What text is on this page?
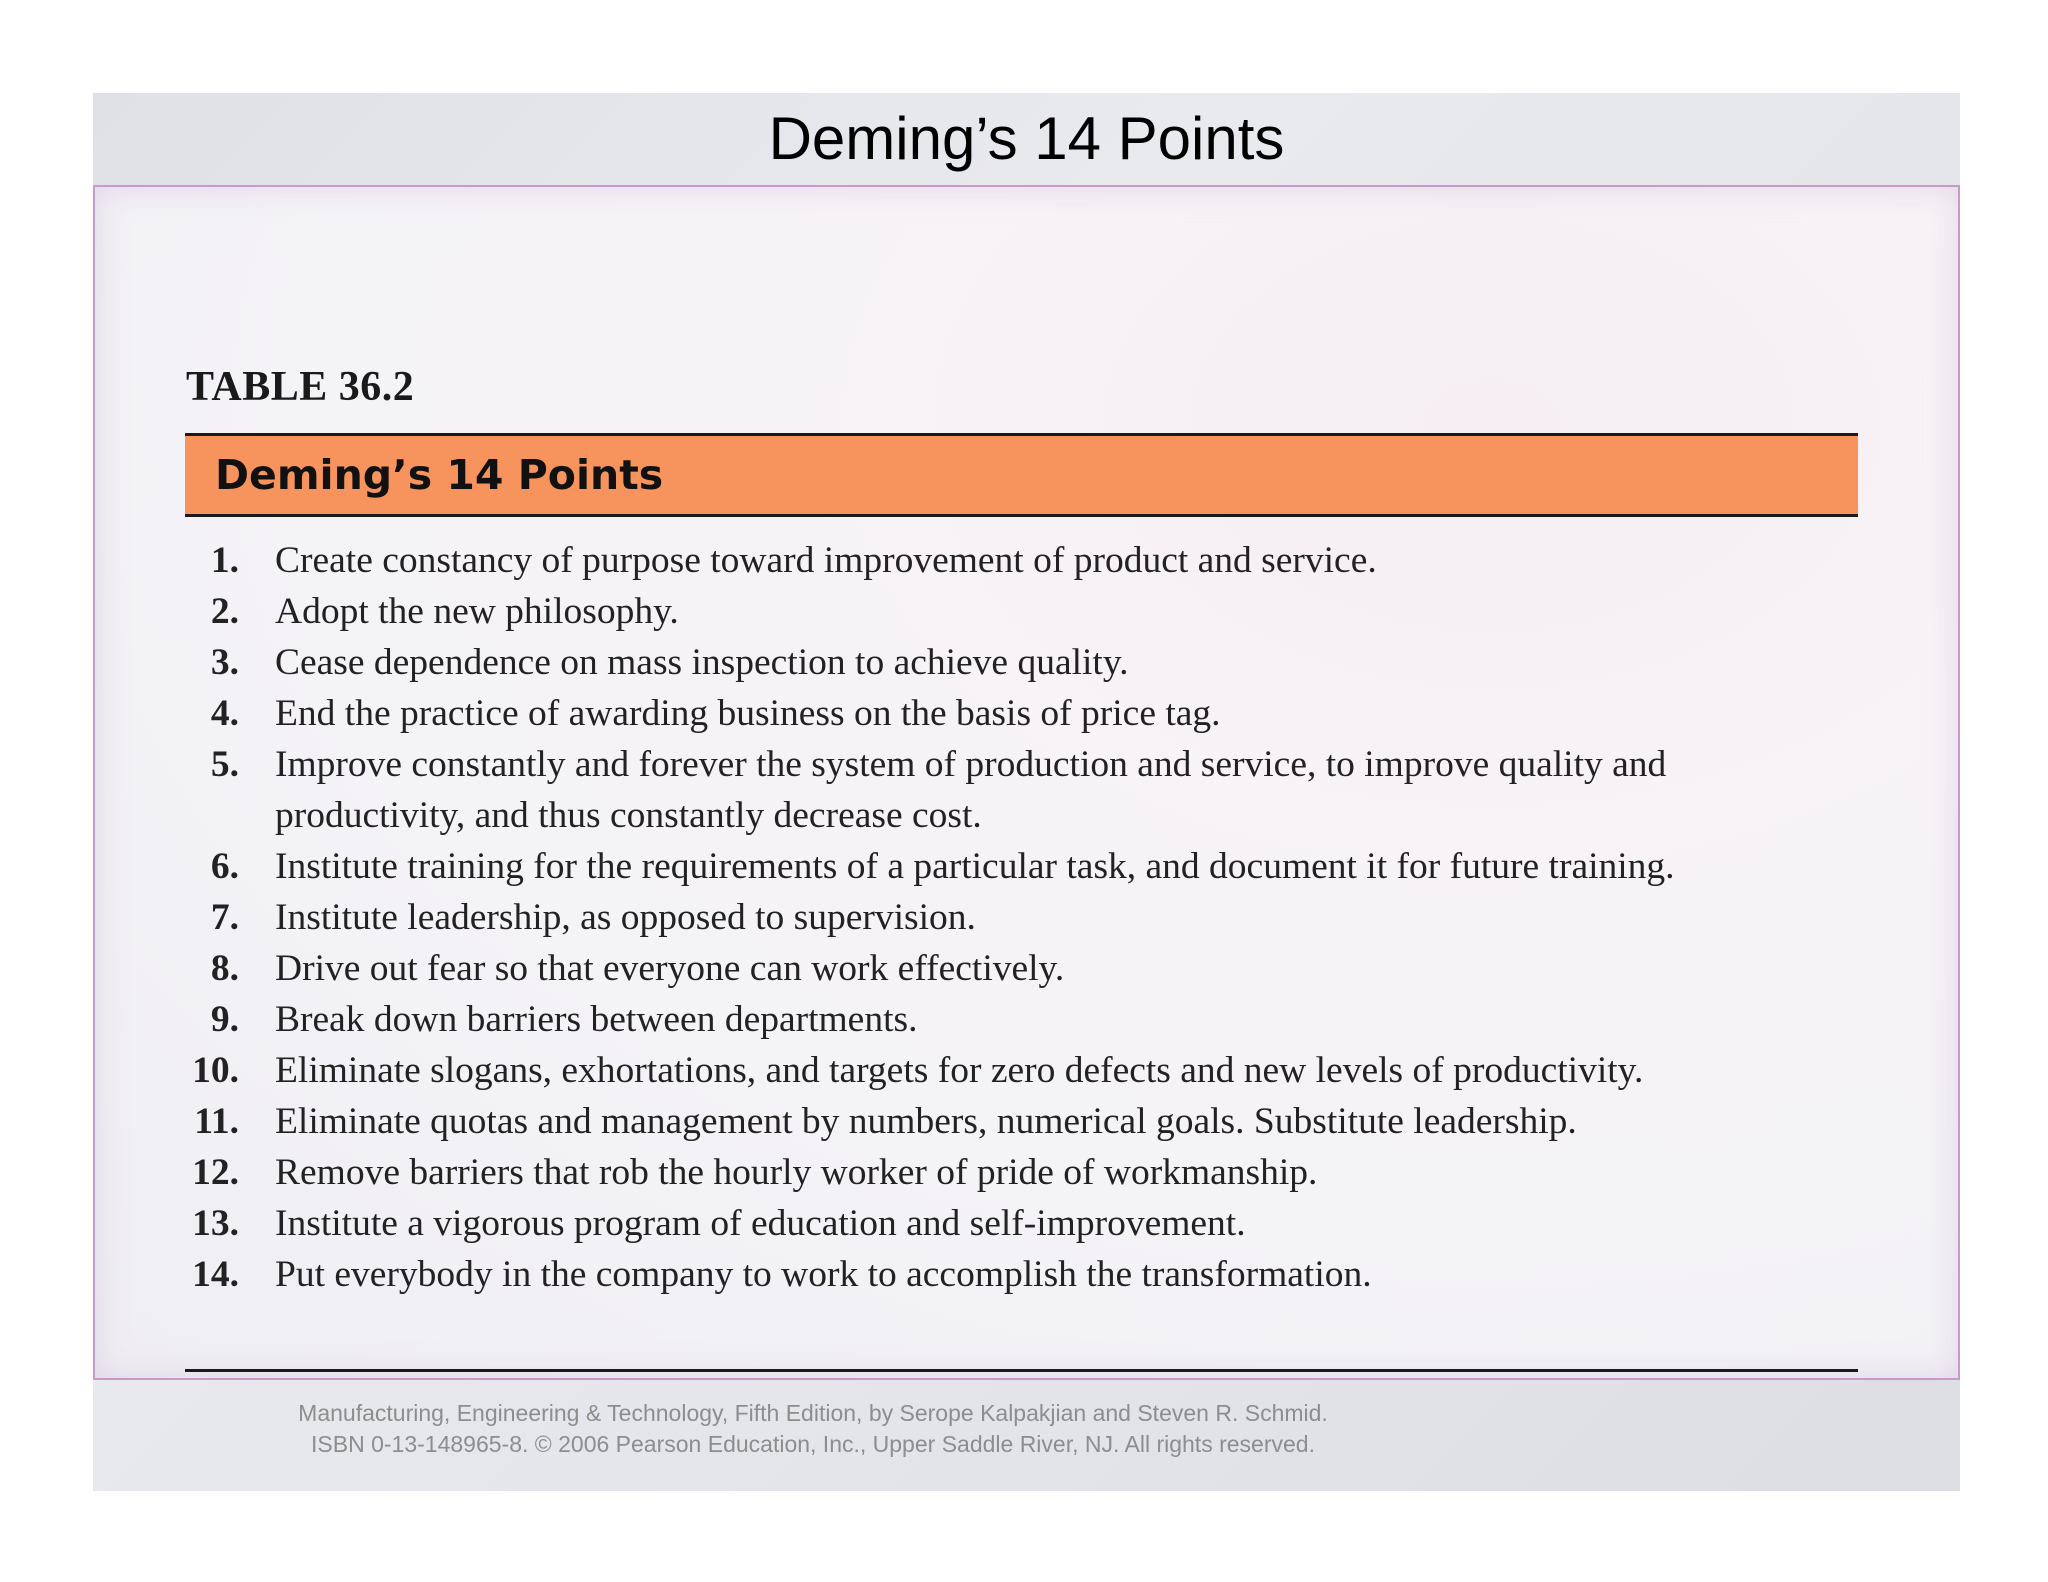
Deming’s 14 Points
TABLE 36.2
Deming’s 14 Points
1. Create constancy of purpose toward improvement of product and service.
2. Adopt the new philosophy.
3. Cease dependence on mass inspection to achieve quality.
4. End the practice of awarding business on the basis of price tag.
5. Improve constantly and forever the system of production and service, to improve quality and productivity, and thus constantly decrease cost.
6. Institute training for the requirements of a particular task, and document it for future training.
7. Institute leadership, as opposed to supervision.
8. Drive out fear so that everyone can work effectively.
9. Break down barriers between departments.
10. Eliminate slogans, exhortations, and targets for zero defects and new levels of productivity.
11. Eliminate quotas and management by numbers, numerical goals. Substitute leadership.
12. Remove barriers that rob the hourly worker of pride of workmanship.
13. Institute a vigorous program of education and self-improvement.
14. Put everybody in the company to work to accomplish the transformation.
Manufacturing, Engineering & Technology, Fifth Edition, by Serope Kalpakjian and Steven R. Schmid.
ISBN 0-13-148965-8. © 2006 Pearson Education, Inc., Upper Saddle River, NJ. All rights reserved.
